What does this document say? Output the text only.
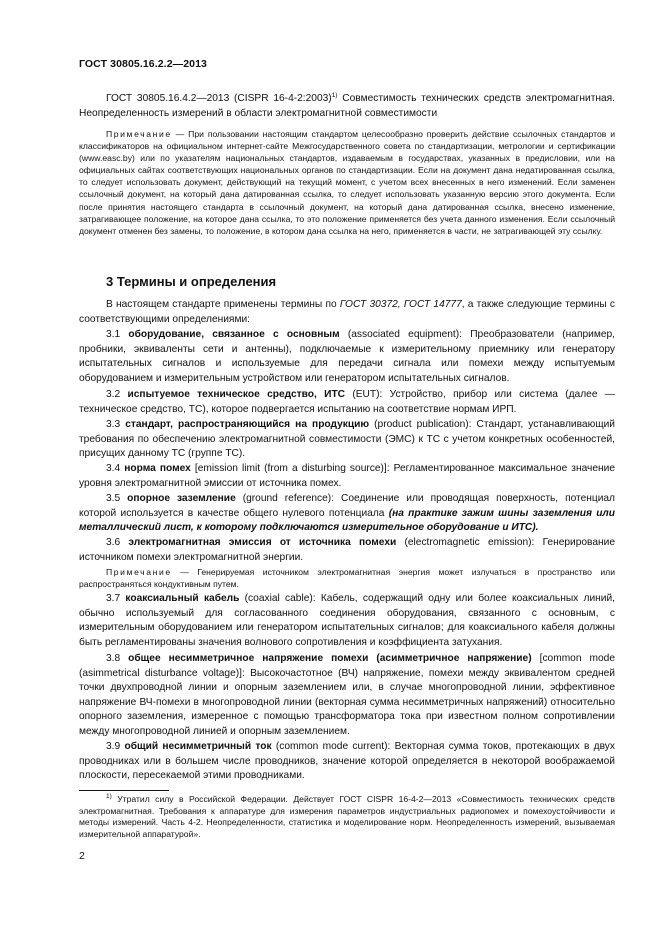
ГОСТ 30805.16.2.2—2013

ГОСТ 30805.16.4.2—2013 (CISPR 16-4-2:2003)$^{1)}$ Совместимость технических средств электромагнитная. Неопределенность измерений в области электромагнитной совместимости

Примечание — При пользовании настоящим стандартом целесообразно проверить действие ссылочных стандартов и классификаторов на официальном интернет-сайте Межгосударственного совета по стандартизации, метрологии и сертификации (www.easc.by) или по указателям национальных стандартов, издаваемым в государствах, указанных в предисловии, или на официальных сайтах соответствующих национальных органов по стандартизации. Если на документ дана недатированная ссылка, то следует использовать документ, действующий на текущий момент, с учетом всех внесенных в него изменений. Если заменен ссылочный документ, на который дана датированная ссылка, то следует использовать указанную версию этого документа. Если после принятия настоящего стандарта в ссылочный документ, на который дана датированная ссылка, внесено изменение, затрагивающее положение, на которое дана ссылка, то это положение применяется без учета данного изменения. Если ссылочный документ отменен без замены, то положение, в котором дана ссылка на него, применяется в части, не затрагивающей эту ссылку.

3 Термины и определения

В настоящем стандарте применены термины по ГОСТ 30372, ГОСТ 14777, а также следующие термины с соответствующими определениями:

3.1 оборудование, связанное с основным (associated equipment): Преобразователи (например, пробники, эквиваленты сети и антенны), подключаемые к измерительному приемнику или генератору испытательных сигналов и используемые для передачи сигнала или помехи между испытуемым оборудованием и измерительным устройством или генератором испытательных сигналов.

3.2 испытуемое техническое средство, ИТС (EUT): Устройство, прибор или система (далее — техническое средство, ТС), которое подвергается испытанию на соответствие нормам ИРП.

3.3 стандарт, распространяющийся на продукцию (product publication): Стандарт, устанавливающий требования по обеспечению электромагнитной совместимости (ЭМС) к ТС с учетом конкретных особенностей, присущих данному ТС (группе ТС).

3.4 норма помех [emission limit (from a disturbing source)]: Регламентированное максимальное значение уровня электромагнитной эмиссии от источника помех.

3.5 опорное заземление (ground reference): Соединение или проводящая поверхность, потенциал которой используется в качестве общего нулевого потенциала (на практике зажим шины заземления или металлический лист, к которому подключаются измерительное оборудование и ИТС).

3.6 электромагнитная эмиссия от источника помехи (electromagnetic emission): Генерирование источником помехи электромагнитной энергии.

Примечание — Генерируемая источником электромагнитная энергия может излучаться в пространство или распространяться кондуктивным путем.

3.7 коаксиальный кабель (coaxial cable): Кабель, содержащий одну или более коаксиальных линий, обычно используемый для согласованного соединения оборудования, связанного с основным, с измерительным оборудованием или генератором испытательных сигналов; для коаксиального кабеля должны быть регламентированы значения волнового сопротивления и коэффициента затухания.

3.8 общее несимметричное напряжение помехи (асимметричное напряжение) [common mode (asimmetrical disturbance voltage)]: Высокочастотное (ВЧ) напряжение, помехи между эквивалентом средней точки двухпроводной линии и опорным заземлением или, в случае многопроводной линии, эффективное напряжение ВЧ-помехи в многопроводной линии (векторная сумма несимметричных напряжений) относительно опорного заземления, измеренное с помощью трансформатора тока при известном полном сопротивлении между многопроводной линией и опорным заземлением.

3.9 общий несимметричный ток (common mode current): Векторная сумма токов, протекающих в двух проводниках или в большем числе проводников, значение которой определяется в некоторой воображаемой плоскости, пересекаемой этими проводниками.

$^{1)}$ Утратил силу в Российской Федерации. Действует ГОСТ CISPR 16-4-2—2013 «Совместимость технических средств электромагнитная. Требования к аппаратуре для измерения параметров индустриальных радиопомех и помехоустойчивости и методы измерений. Часть 4-2. Неопределенности, статистика и моделирование норм. Неопределенность измерений, вызываемая измерительной аппаратурой».

2
